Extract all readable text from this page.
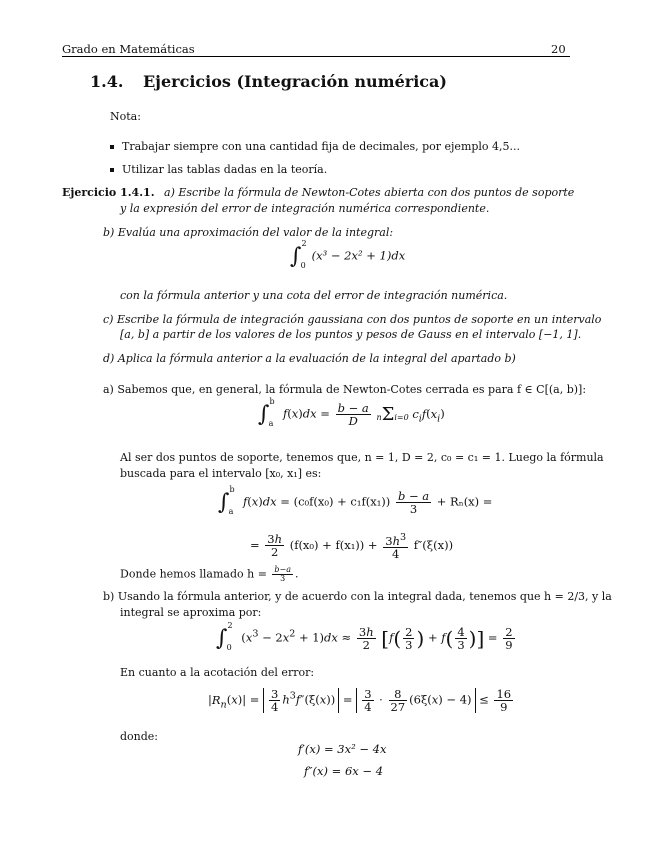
Grado en Matemáticas	20
1.4. Ejercicios (Integración numérica)
Nota:
Trabajar siempre con una cantidad fija de decimales, por ejemplo 4,5...
Utilizar las tablas dadas en la teoría.
Ejercicio 1.4.1. a) Escribe la fórmula de Newton-Cotes abierta con dos puntos de soporte
y la expresión del error de integración numérica correspondiente.
b) Evalúa una aproximación del valor de la integral:
∫$^2_0$(x³ − 2x² + 1)dx
con la fórmula anterior y una cota del error de integración numérica.
c) Escribe la fórmula de integración gaussiana con dos puntos de soporte en un intervalo
[a, b] a partir de los valores de los puntos y pesos de Gauss en el intervalo [−1, 1].
d) Aplica la fórmula anterior a la evaluación de la integral del apartado b)
a) Sabemos que, en general, la fórmula de Newton-Cotes cerrada es para f ∈ C[(a, b)]:
∫$^b_a$ $f(x)dx = \frac{b - a}{D} n\Sigma i=0$ $c_if(x_i)$
Al ser dos puntos de soporte, tenemos que, n = 1, D = 2, c₀ = c₁ = 1. Luego la fórmula
buscada para el intervalo [x₀, x₁] es:
∫$^b_a$ $f(x)dx = (c_0f(x_0) + c_1f(x_1)) \frac{b - a}{3} + R_n(x)$ =
= $\frac{3h}{2} (f(x_0) + f(x_1)) + \frac{3h^3}{4} f''(\xi(x))$
Donde hemos llamado $h = \frac{b-a}{3}$ .
b) Usando la fórmula anterior, y de acuerdo con la integral dada, tenemos que h = 2/3, y la
integral se aproxima por:
∫$^2_0$ $(x^3 - 2x^2 + 1)dx \approx \frac{3h}{2} [f( \frac{2}{3}$ ) + $f( \frac{4}{3}$ )] = $\frac{2}{9}$
En cuanto a la acotación del error:
$|R_n(x)| = \frac{3}{4} h^3f''(\xi(x)) = \frac{3}{4} \cdot \frac{8}{27} (6\xi(x) - 4) \le \frac{16}{9}$
donde:
f′(x) = 3x² − 4x
f″(x) = 6x − 4
